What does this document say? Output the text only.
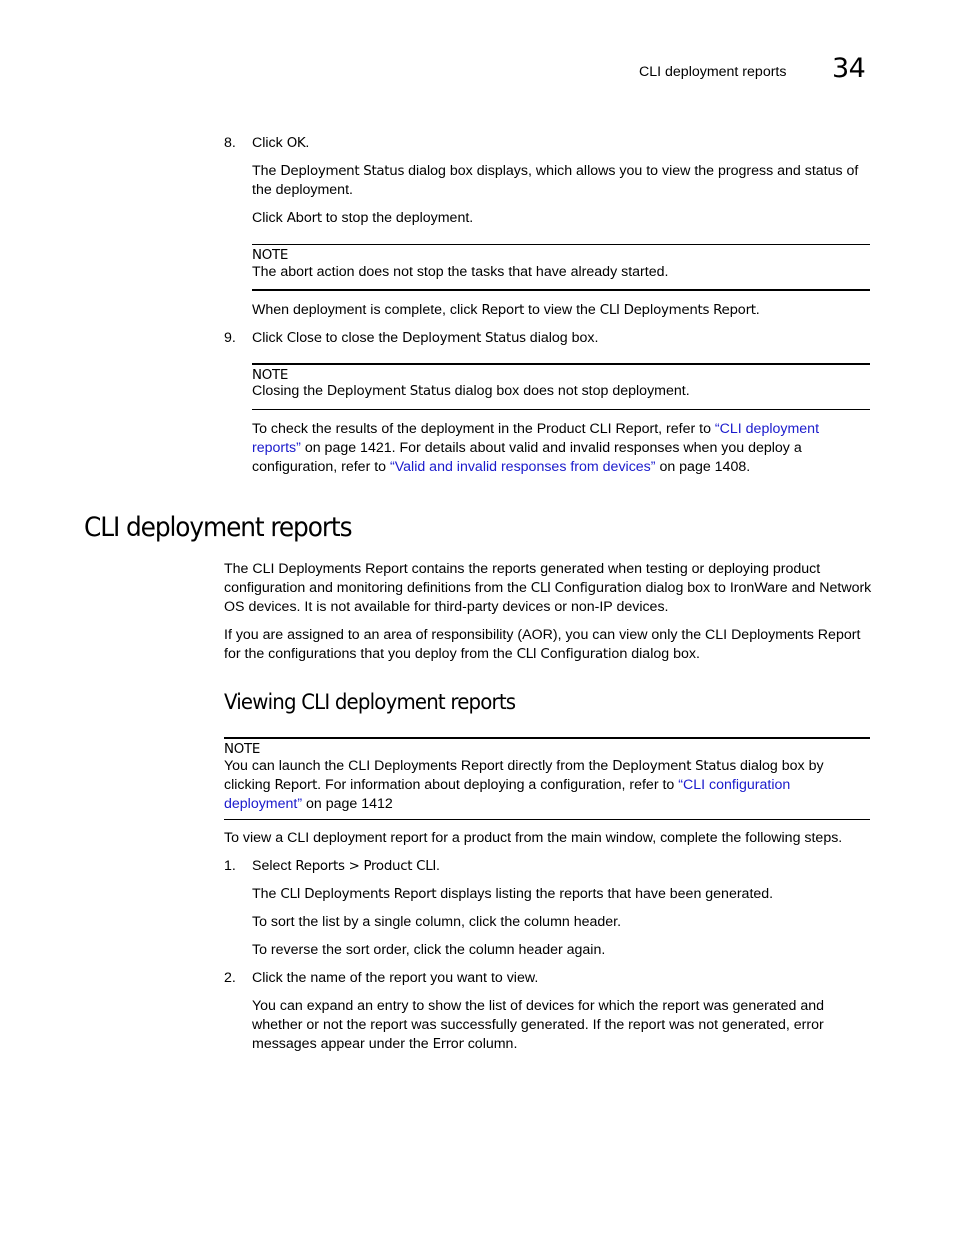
CLI deployment reports 34
8.	Click OK.

The Deployment Status dialog box displays, which allows you to view the progress and status of the deployment.

Click Abort to stop the deployment.

NOTE

The abort action does not stop the tasks that have already started.

When deployment is complete, click Report to view the CLI Deployments Report.

9.	Click Close to close the Deployment Status dialog box.

NOTE

Closing the Deployment Status dialog box does not stop deployment.

To check the results of the deployment in the Product CLI Report, refer to “CLI deployment reports” on page 1421. For details about valid and invalid responses when you deploy a configuration, refer to “Valid and invalid responses from devices” on page 1408.

CLI deployment reports

The CLI Deployments Report contains the reports generated when testing or deploying product configuration and monitoring definitions from the CLI Configuration dialog box to IronWare and Network OS devices. It is not available for third-party devices or non-IP devices.

If you are assigned to an area of responsibility (AOR), you can view only the CLI Deployments Report for the configurations that you deploy from the CLI Configuration dialog box.

Viewing CLI deployment reports
NOTE

You can launch the CLI Deployments Report directly from the Deployment Status dialog box by clicking Report. For information about deploying a configuration, refer to “CLI configuration deployment” on page 1412

To view a CLI deployment report for a product from the main window, complete the following steps.

1.	Select Reports > Product CLI.

The CLI Deployments Report displays listing the reports that have been generated.

To sort the list by a single column, click the column header.

To reverse the sort order, click the column header again.

2.	Click the name of the report you want to view.

You can expand an entry to show the list of devices for which the report was generated and whether or not the report was successfully generated. If the report was not generated, error messages appear under the Error column.
